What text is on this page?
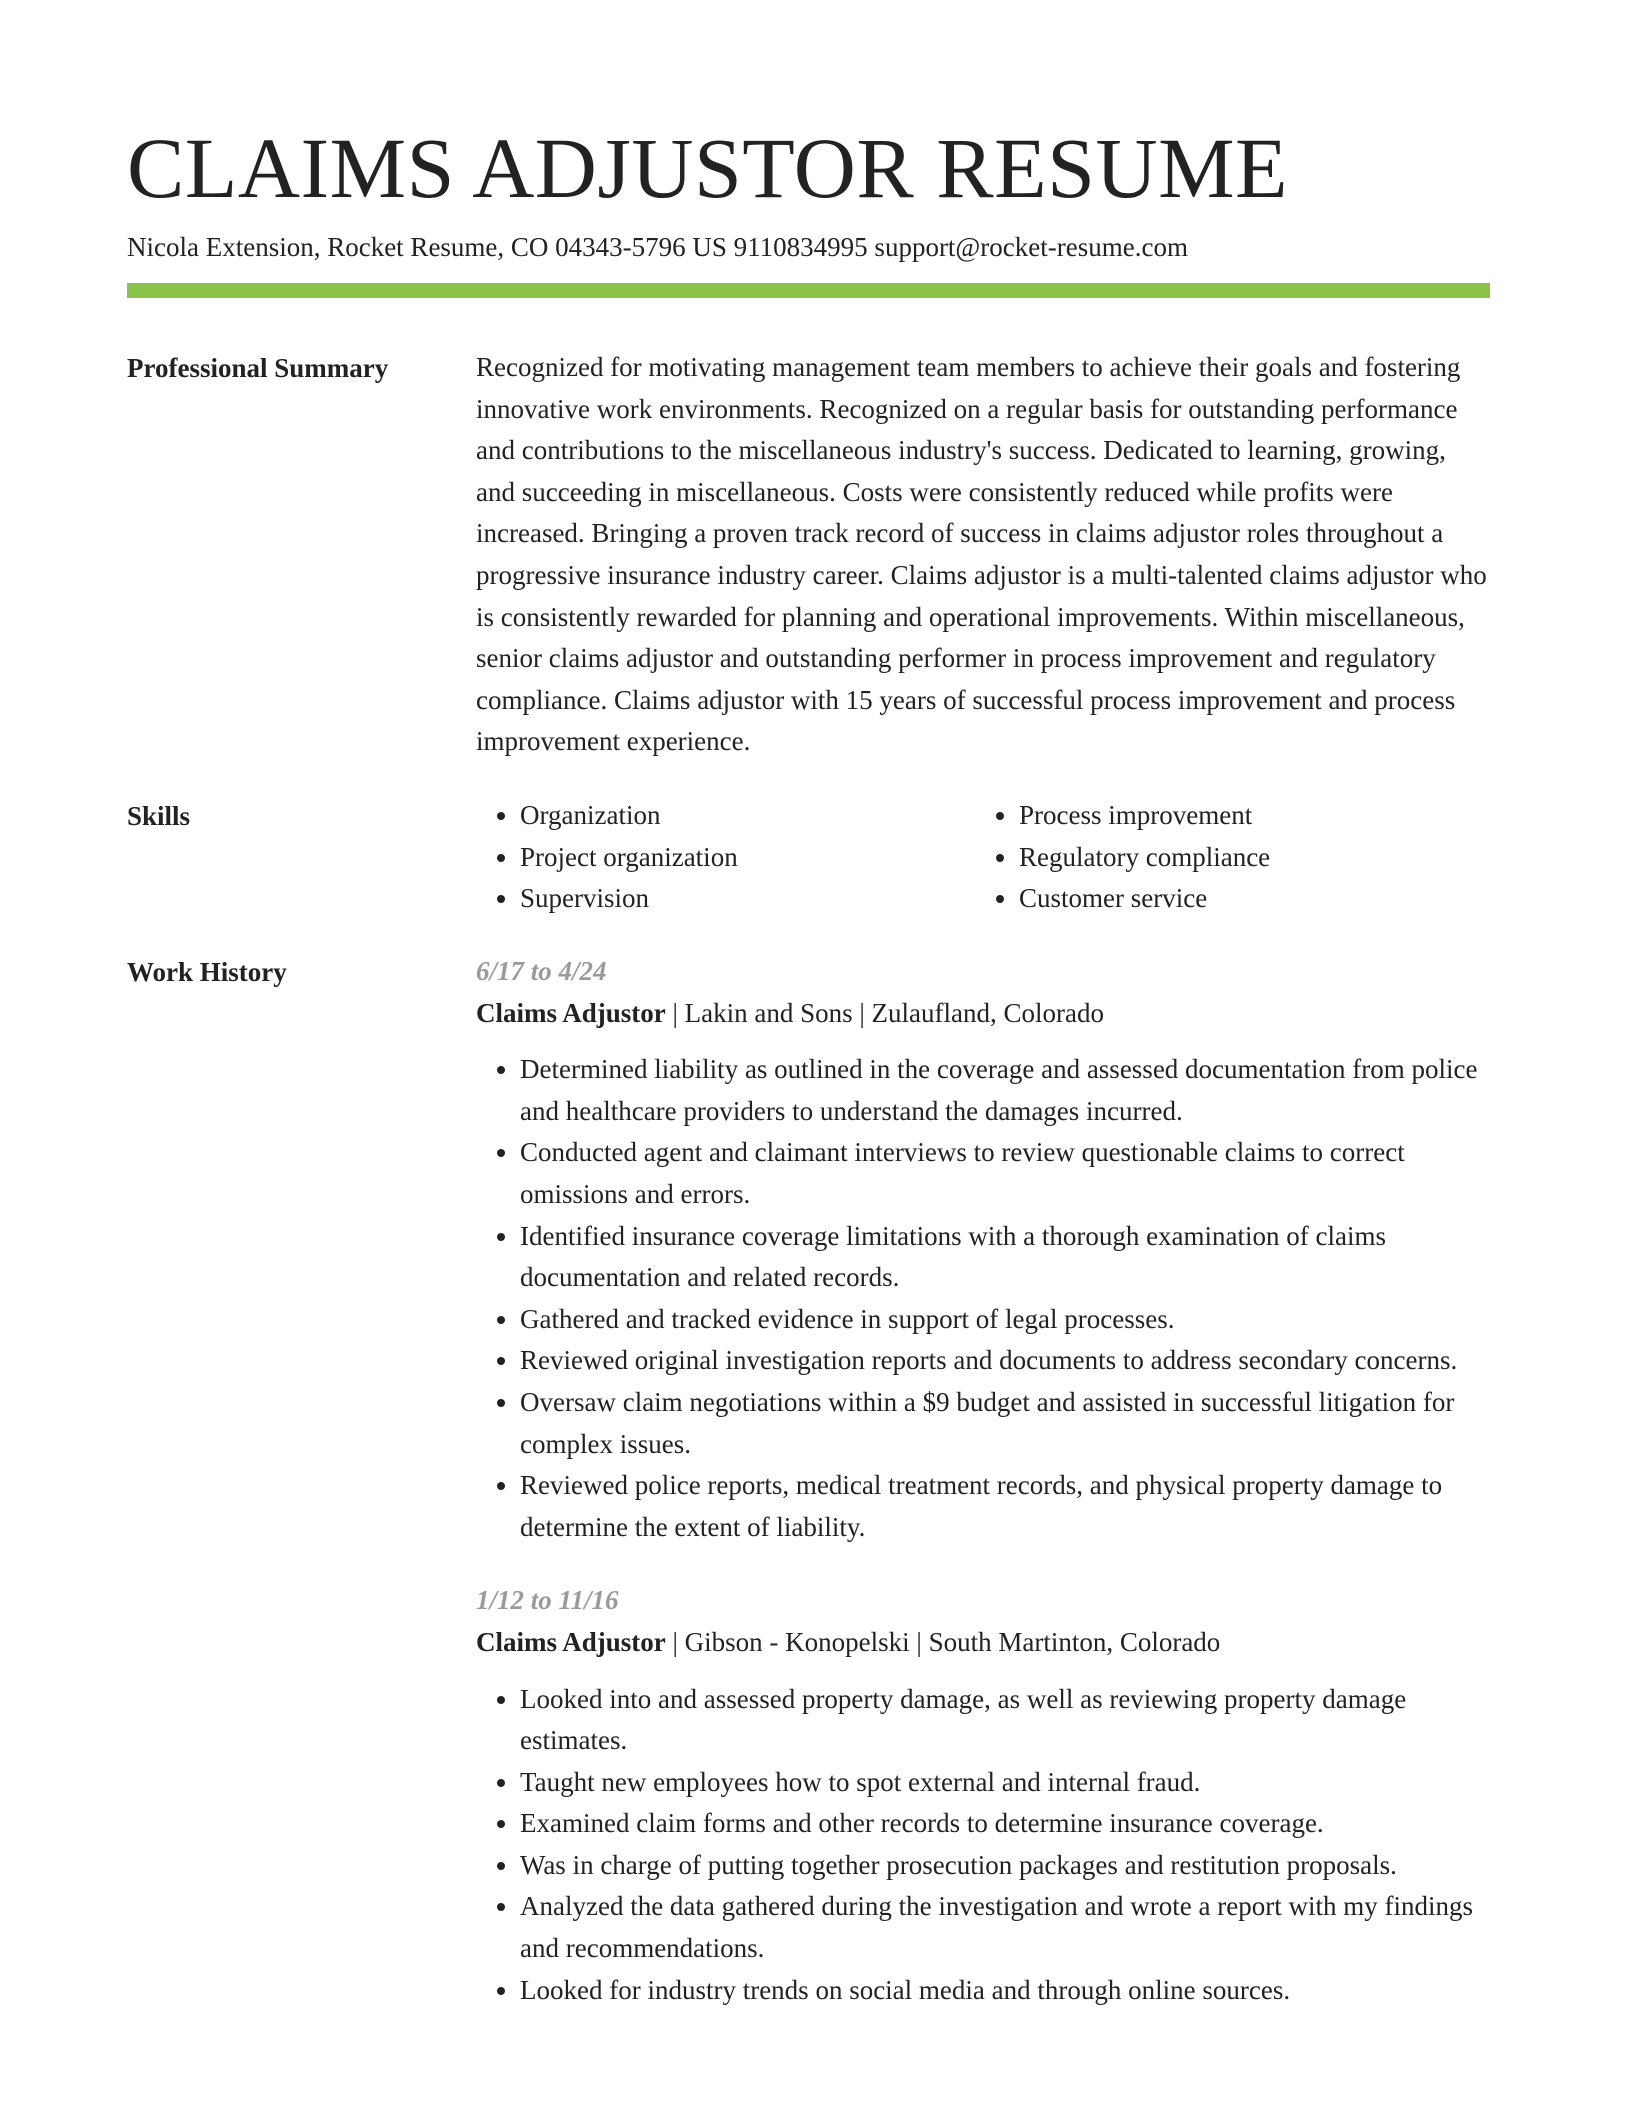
CLAIMS ADJUSTOR RESUME
Nicola Extension, Rocket Resume, CO 04343-5796 US 9110834995 support@rocket-resume.com
Professional Summary	Recognized for motivating management team members to achieve their goals and fostering innovative work environments. Recognized on a regular basis for outstanding performance and contributions to the miscellaneous industry's success. Dedicated to learning, growing, and succeeding in miscellaneous. Costs were consistently reduced while profits were increased. Bringing a proven track record of success in claims adjustor roles throughout a progressive insurance industry career. Claims adjustor is a multi-talented claims adjustor who is consistently rewarded for planning and operational improvements. Within miscellaneous, senior claims adjustor and outstanding performer in process improvement and regulatory compliance. Claims adjustor with 15 years of successful process improvement and process improvement experience.

Skills
•	Organization
• Project organization
• Supervision
• Process improvement
• Regulatory compliance
• Customer service
Work History	6/17 to 4/24
Claims Adjustor | Lakin and Sons | Zulaufland, Colorado
• Determined liability as outlined in the coverage and assessed documentation from police and healthcare providers to understand the damages incurred.
• Conducted agent and claimant interviews to review questionable claims to correct omissions and errors.
• Identified insurance coverage limitations with a thorough examination of claims documentation and related records.
• Gathered and tracked evidence in support of legal processes.
• Reviewed original investigation reports and documents to address secondary concerns.
• Oversaw claim negotiations within a $9 budget and assisted in successful litigation for complex issues.
• Reviewed police reports, medical treatment records, and physical property damage to determine the extent of liability.
1/12 to 11/16
Claims Adjustor | Gibson - Konopelski | South Martinton, Colorado
• Looked into and assessed property damage, as well as reviewing property damage estimates.
• Taught new employees how to spot external and internal fraud.
• Examined claim forms and other records to determine insurance coverage.
• Was in charge of putting together prosecution packages and restitution proposals.
• Analyzed the data gathered during the investigation and wrote a report with my findings and recommendations.
• Looked for industry trends on social media and through online sources.
